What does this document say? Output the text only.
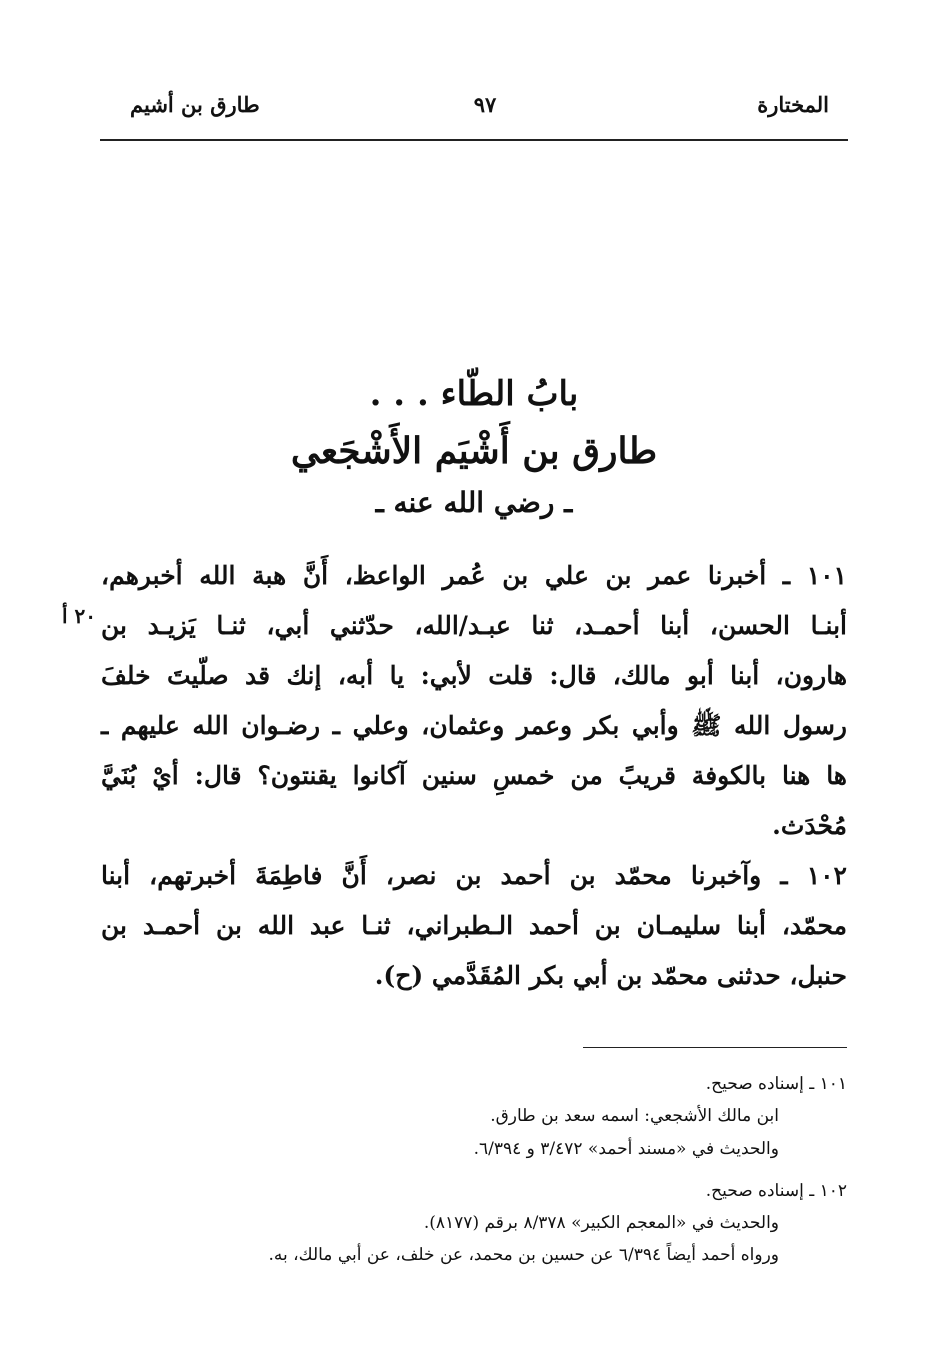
المختارة
٩٧
طارق بن أشيم
بابُ الطّاء . . .
طارق بن أَشْيَم الأَشْجَعي
ـ رضي الله عنه ـ
٢٠ أ
١٠١ ـ أخبرنا عمر بن علي بن عُمر الواعظ، أَنَّ هبة الله أخبرهم،
أبنـا الحسن، أبنا أحمـد، ثنا عبـد/الله، حدّثني أبي، ثنـا يَزيـد بن
هارون، أبنا أبو مالك، قال: قلت لأبي: يا أبه، إنك قد صلّيتَ خلفَ
رسول الله ﷺ وأبي بكر وعمر وعثمان، وعلي ـ رضـوان الله عليهم ـ
ها هنا بالكوفة قريبً من خمسِ سنين آكانوا يقنتون؟ قال: أيْ بُنَيَّ
مُحْدَث.
١٠٢ ـ وآخبرنا محمّد بن أحمد بن نصر، أَنَّ فاطِمَةَ أخبرتهم، أبنا
محمّد، أبنا سليمـان بن أحمد الـطبراني، ثنـا عبد الله بن أحمـد بن
حنبل، حدثنى محمّد بن أبي بكر المُقَدَّمي (ح).
١٠١ ـ إسناده صحيح.
ابن مالك الأشجعي: اسمه سعد بن طارق.
والحديث في «مسند أحمد» ٣/٤٧٢ و ٦/٣٩٤.
١٠٢ ـ إسناده صحيح.
والحديث في «المعجم الكبير» ٨/٣٧٨ برقم (٨١٧٧).
ورواه أحمد أيضاً ٦/٣٩٤ عن حسين بن محمد، عن خلف، عن أبي مالك، به.
